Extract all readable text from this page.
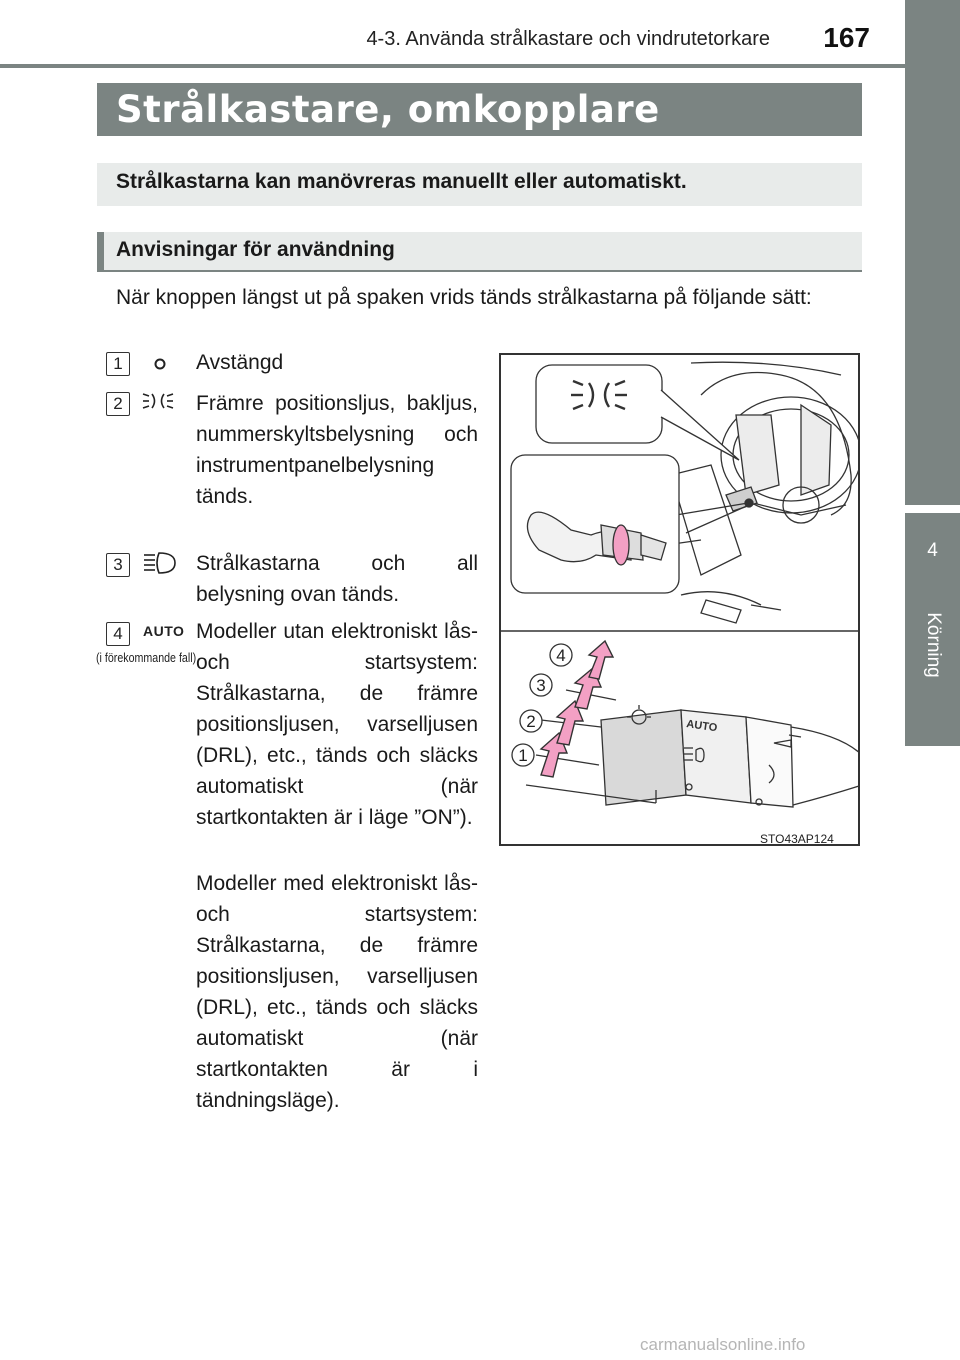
4-3. Använda strålkastare och vindrutetorkare	167
4
Körning
Strålkastare, omkopplare
Strålkastarna kan manövreras manuellt eller automatiskt.
Anvisningar för användning
När knoppen längst ut på spaken vrids tänds strålkastarna på följande sätt:
1	Avstängd
2	Främre positionsljus, bakljus, nummerskyltsbelysning och instrumentpanelbelysning tänds.
3	Strålkastarna och all belysning ovan tänds.
4	AUTO
(i förekommande fall)
Modeller utan elektroniskt lås- och startsystem: Strålkastarna, de främre positionsljusen, varselljusen (DRL), etc., tänds och släcks automatiskt (när startkontakten är i läge ”ON”).
Modeller med elektroniskt lås- och startsystem: Strålkastarna, de främre positionsljusen, varselljusen (DRL), etc., tänds och släcks automatiskt (när startkontakten är i tändningsläge).
AUTO
4
3
2
1
STO43AP124
carmanualsonline.info
